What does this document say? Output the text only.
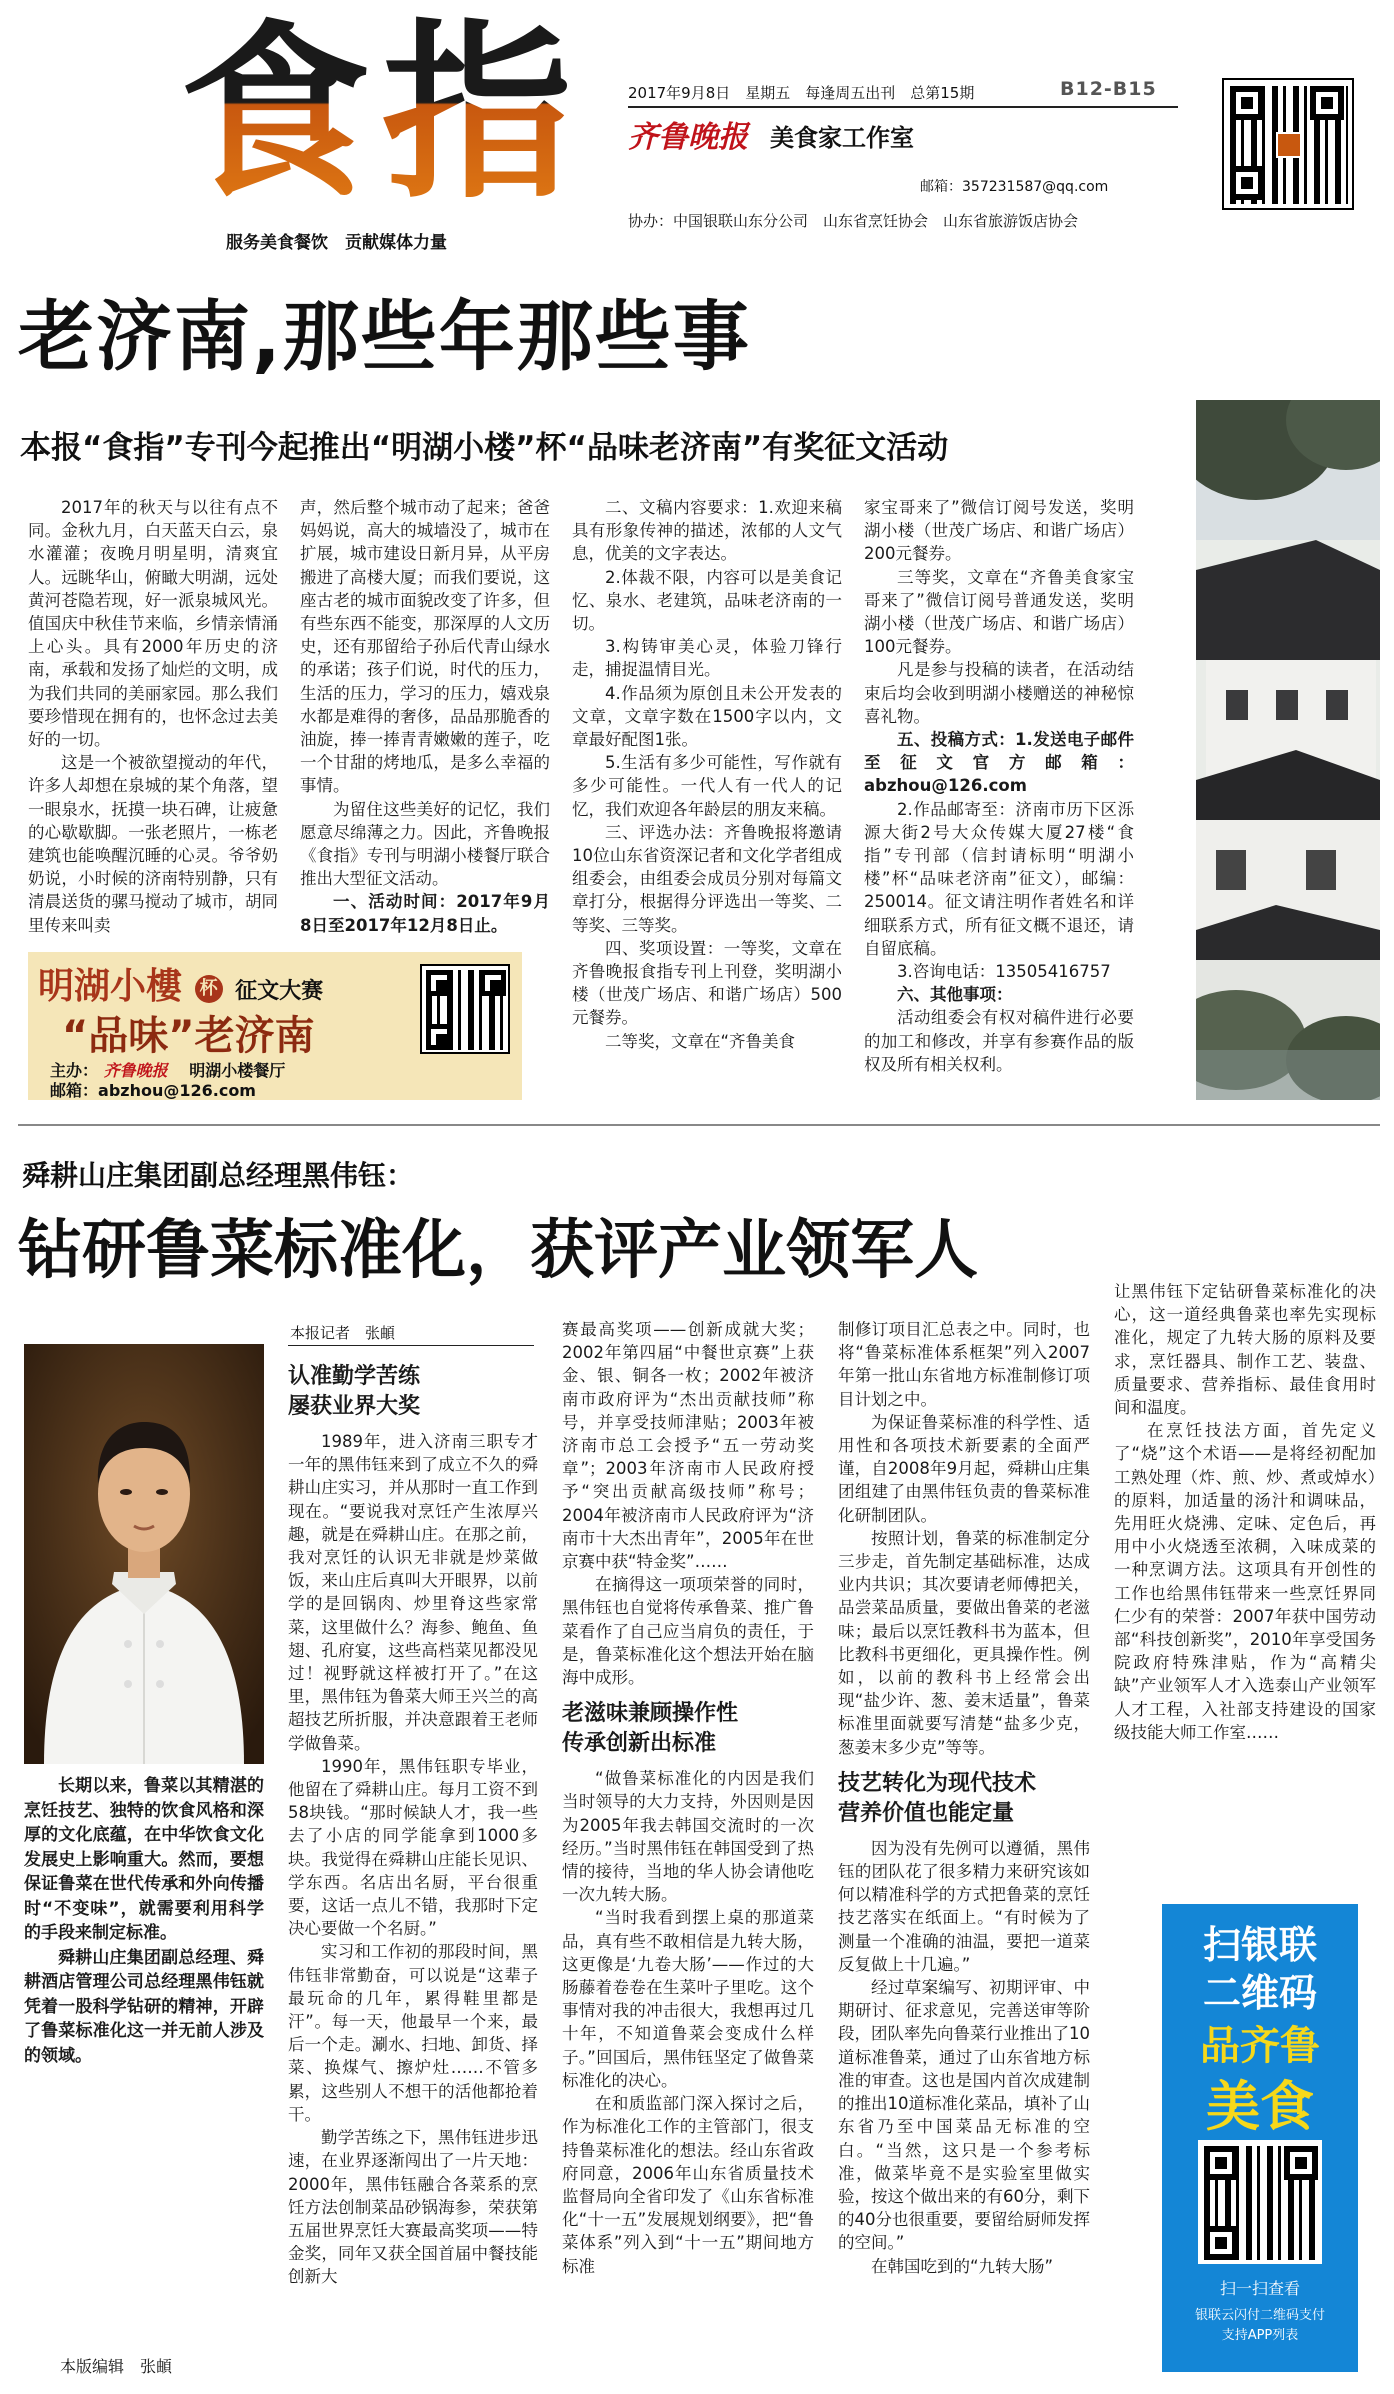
食指
服务美食餐饮　贡献媒体力量
2017年9月8日　星期五　每逢周五出刊　总第15期	B12-B15
齐鲁晚报 美食家工作室
邮箱：357231587@qq.com
协办：中国银联山东分公司　山东省烹饪协会　山东省旅游饭店协会
老济南,那些年那些事
本报“食指”专刊今起推出“明湖小楼”杯“品味老济南”有奖征文活动

2017年的秋天与以往有点不同。金秋九月，白天蓝天白云，泉水灌灌；夜晚月明星明，清爽宜人。远眺华山，俯瞰大明湖，远处黄河苍隐若现，好一派泉城风光。值国庆中秋佳节来临，乡情亲情涌上心头。具有2000年历史的济南，承载和发扬了灿烂的文明，成为我们共同的美丽家园。那么我们要珍惜现在拥有的，也怀念过去美好的一切。

这是一个被欲望搅动的年代，许多人却想在泉城的某个角落，望一眼泉水，抚摸一块石碑，让疲惫的心歇歇脚。一张老照片，一栋老建筑也能唤醒沉睡的心灵。爷爷奶奶说，小时候的济南特别静，只有清晨送货的骡马搅动了城市，胡同里传来叫卖

声，然后整个城市动了起来；爸爸妈妈说，高大的城墙没了，城市在扩展，城市建设日新月异，从平房搬进了高楼大厦；而我们要说，这座古老的城市面貌改变了许多，但有些东西不能变，那深厚的人文历史，还有那留给子孙后代青山绿水的承诺；孩子们说，时代的压力，生活的压力，学习的压力，嬉戏泉水都是难得的奢侈，品品那脆香的油旋，捧一捧青青嫩嫩的莲子，吃一个甘甜的烤地瓜，是多么幸福的事情。

为留住这些美好的记忆，我们愿意尽绵薄之力。因此，齐鲁晚报《食指》专刊与明湖小楼餐厅联合推出大型征文活动。

一、活动时间：2017年9月8日至2017年12月8日止。

二、文稿内容要求：1.欢迎来稿具有形象传神的描述，浓郁的人文气息，优美的文字表达。

2.体裁不限，内容可以是美食记忆、泉水、老建筑，品味老济南的一切。

3.构铸审美心灵，体验刀锋行走，捕捉温情目光。

4.作品须为原创且未公开发表的文章，文章字数在1500字以内，文章最好配图1张。

5.生活有多少可能性，写作就有多少可能性。一代人有一代人的记忆，我们欢迎各年龄层的朋友来稿。

三、评选办法：齐鲁晚报将邀请10位山东省资深记者和文化学者组成组委会，由组委会成员分别对每篇文章打分，根据得分评选出一等奖、二等奖、三等奖。

四、奖项设置：一等奖，文章在齐鲁晚报食指专刊上刊登，奖明湖小楼（世茂广场店、和谐广场店）500元餐券。

二等奖，文章在“齐鲁美食

家宝哥来了”微信订阅号发送，奖明湖小楼（世茂广场店、和谐广场店）200元餐券。

三等奖，文章在“齐鲁美食家宝哥来了”微信订阅号普通发送，奖明湖小楼（世茂广场店、和谐广场店）100元餐券。

凡是参与投稿的读者，在活动结束后均会收到明湖小楼赠送的神秘惊喜礼物。

五、投稿方式：1.发送电子邮件至征文官方邮箱：abzhou@126.com

2.作品邮寄至：济南市历下区泺源大街2号大众传媒大厦27楼“食指”专刊部（信封请标明“明湖小楼”杯“品味老济南”征文），邮编：250014。征文请注明作者姓名和详细联系方式，所有征文概不退还，请自留底稿。

3.咨询电话：13505416757

六、其他事项：

活动组委会有权对稿件进行必要的加工和修改，并享有参赛作品的版权及所有相关权利。

明湖小樓 杯 征文大赛
“品味”老济南
主办： 齐鲁晚报 明湖小楼餐厅
邮箱：abzhou@126.com
舜耕山庄集团副总经理黑伟钰：
钻研鲁菜标准化，获评产业领军人

长期以来，鲁菜以其精湛的烹饪技艺、独特的饮食风格和深厚的文化底蕴，在中华饮食文化发展史上影响重大。然而，要想保证鲁菜在世代传承和外向传播时“不变味”，就需要利用科学的手段来制定标准。

舜耕山庄集团副总经理、舜耕酒店管理公司总经理黑伟钰就凭着一股科学钻研的精神，开辟了鲁菜标准化这一并无前人涉及的领域。

本版编辑　张頔
本报记者　张頔
认准勤学苦练
屡获业界大奖

1989年，进入济南三职专才一年的黑伟钰来到了成立不久的舜耕山庄实习，并从那时一直工作到现在。“要说我对烹饪产生浓厚兴趣，就是在舜耕山庄。在那之前，我对烹饪的认识无非就是炒菜做饭，来山庄后真叫大开眼界，以前学的是回锅肉、炒里脊这些家常菜，这里做什么？海参、鲍鱼、鱼翅、孔府宴，这些高档菜见都没见过！视野就这样被打开了。”在这里，黑伟钰为鲁菜大师王兴兰的高超技艺所折服，并决意跟着王老师学做鲁菜。

1990年，黑伟钰职专毕业，他留在了舜耕山庄。每月工资不到58块钱。“那时候缺人才，我一些去了小店的同学能拿到1000多块。我觉得在舜耕山庄能长见识、学东西。名店出名厨，平台很重要，这话一点儿不错，我那时下定决心要做一个名厨。”

实习和工作初的那段时间，黑伟钰非常勤奋，可以说是“这辈子最玩命的几年，累得鞋里都是汗”。每一天，他最早一个来，最后一个走。涮水、扫地、卸货、择菜、换煤气、擦炉灶……不管多累，这些别人不想干的活他都抢着干。

勤学苦练之下，黑伟钰进步迅速，在业界逐渐闯出了一片天地：2000年，黑伟钰融合各菜系的烹饪方法创制菜品砂锅海参，荣获第五届世界烹饪大赛最高奖项——特金奖，同年又获全国首届中餐技能创新大

赛最高奖项——创新成就大奖；2002年第四届“中餐世京赛”上获金、银、铜各一枚；2002年被济南市政府评为“杰出贡献技师”称号，并享受技师津贴；2003年被济南市总工会授予“五一劳动奖章”；2003年济南市人民政府授予“突出贡献高级技师”称号；2004年被济南市人民政府评为“济南市十大杰出青年”，2005年在世京赛中获“特金奖”……

在摘得这一项项荣誉的同时，黑伟钰也自觉将传承鲁菜、推广鲁菜看作了自己应当肩负的责任，于是，鲁菜标准化这个想法开始在脑海中成形。

老滋味兼顾操作性
传承创新出标准

“做鲁菜标准化的内因是我们当时领导的大力支持，外因则是因为2005年我去韩国交流时的一次经历。”当时黑伟钰在韩国受到了热情的接待，当地的华人协会请他吃一次九转大肠。

“当时我看到摆上桌的那道菜品，真有些不敢相信是九转大肠，这更像是‘九卷大肠’——作过的大肠藤着卷卷在生菜叶子里吃。这个事情对我的冲击很大，我想再过几十年，不知道鲁菜会变成什么样子。”回国后，黑伟钰坚定了做鲁菜标准化的决心。

在和质监部门深入探讨之后，作为标准化工作的主管部门，很支持鲁菜标准化的想法。经山东省政府同意，2006年山东省质量技术监督局向全省印发了《山东省标准化“十一五”发展规划纲要》，把“鲁菜体系”列入到“十一五”期间地方标准

制修订项目汇总表之中。同时，也将“鲁菜标准体系框架”列入2007年第一批山东省地方标准制修订项目计划之中。

为保证鲁菜标准的科学性、适用性和各项技术新要素的全面严谨，自2008年9月起，舜耕山庄集团组建了由黑伟钰负责的鲁菜标准化研制团队。

按照计划，鲁菜的标准制定分三步走，首先制定基础标准，达成业内共识；其次要请老师傅把关，品尝菜品质量，要做出鲁菜的老滋味；最后以烹饪教科书为蓝本，但比教科书更细化，更具操作性。例如，以前的教科书上经常会出现“盐少许、葱、姜末适量”，鲁菜标准里面就要写清楚“盐多少克，葱姜末多少克”等等。

技艺转化为现代技术
营养价值也能定量

因为没有先例可以遵循，黑伟钰的团队花了很多精力来研究该如何以精准科学的方式把鲁菜的烹饪技艺落实在纸面上。“有时候为了测量一个准确的油温，要把一道菜反复做上十几遍。”

经过草案编写、初期评审、中期研讨、征求意见，完善送审等阶段，团队率先向鲁菜行业推出了10道标准鲁菜，通过了山东省地方标准的审查。这也是国内首次成建制的推出10道标准化菜品，填补了山东省乃至中国菜品无标准的空白。“当然，这只是一个参考标准，做菜毕竟不是实验室里做实验，按这个做出来的有60分，剩下的40分也很重要，要留给厨师发挥的空间。”

在韩国吃到的“九转大肠”

让黑伟钰下定钻研鲁菜标准化的决心，这一道经典鲁菜也率先实现标准化，规定了九转大肠的原料及要求，烹饪器具、制作工艺、装盘、质量要求、营养指标、最佳食用时间和温度。

在烹饪技法方面，首先定义了“烧”这个术语——是将经初配加工熟处理（炸、煎、炒、煮或焯水）的原料，加适量的汤汁和调味品，先用旺火烧沸、定味、定色后，再用中小火烧透至浓稠，入味成菜的一种烹调方法。这项具有开创性的工作也给黑伟钰带来一些烹饪界同仁少有的荣誉：2007年获中国劳动部“科技创新奖”，2010年享受国务院政府特殊津贴，作为“高精尖缺”产业领军人才入选泰山产业领军人才工程，入社部支持建设的国家级技能大师工作室……

扫银联
二维码
品齐鲁
美食
扫一扫查看
银联云闪付二维码支付
支持APP列表
